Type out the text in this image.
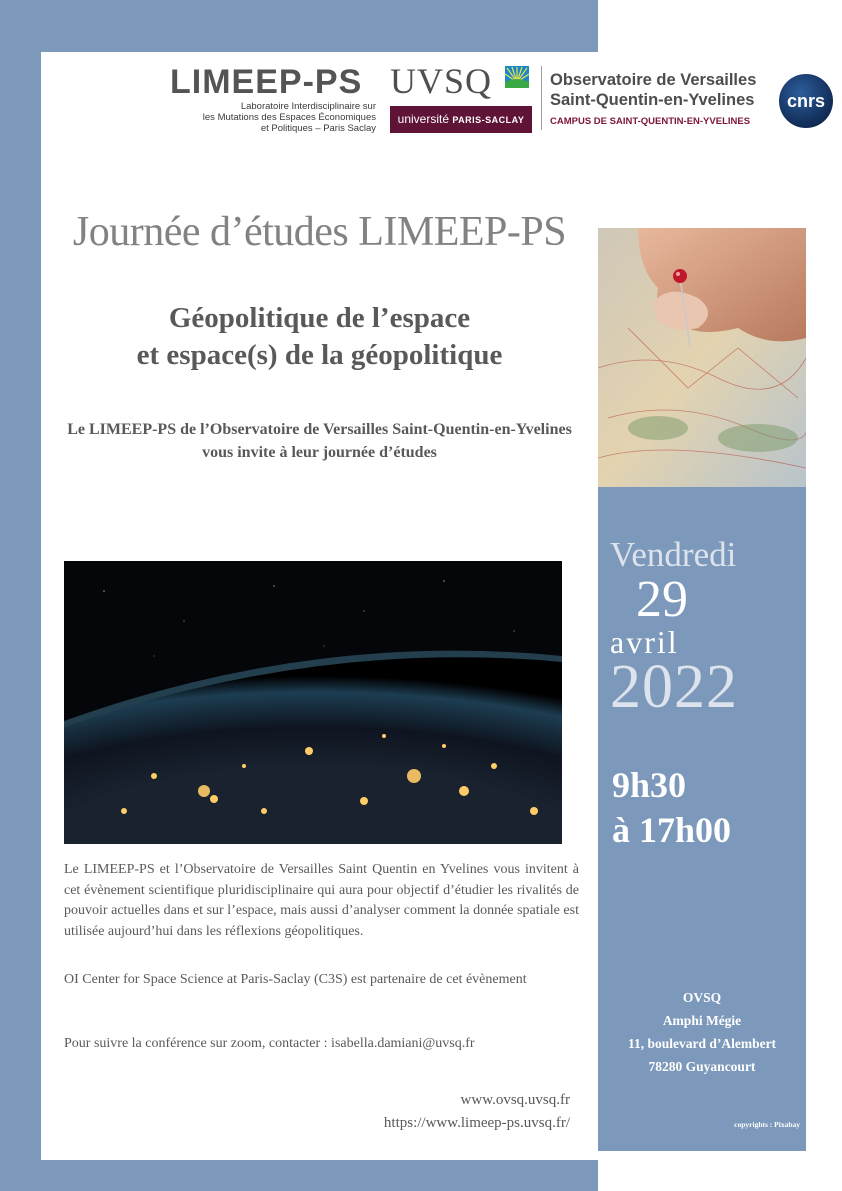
LIMEEP-PS
Laboratoire Interdisciplinaire sur
les Mutations des Espaces Économiques
et Politiques – Paris Saclay
UVSQ
université PARIS-SACLAY
Observatoire de Versailles
Saint-Quentin-en-Yvelines
CAMPUS DE SAINT-QUENTIN-EN-YVELINES
cnrs
Journée d’études LIMEEP-PS
Géopolitique de l’espace
et espace(s) de la géopolitique
Le LIMEEP-PS de l’Observatoire de Versailles Saint-Quentin-en-Yvelines vous invite à leur journée d’études
Le LIMEEP-PS et l’Observatoire de Versailles Saint Quentin en Yvelines vous invitent à cet évènement scientifique pluridisciplinaire qui aura pour objectif d’étudier les rivalités de pouvoir actuelles dans et sur l’espace, mais aussi d’analyser comment la donnée spatiale est utilisée aujourd’hui dans les réflexions géopolitiques.
OI Center for Space Science at Paris-Saclay (C3S) est partenaire de cet évènement
Pour suivre la conférence sur zoom, contacter : isabella.damiani@uvsq.fr
www.ovsq.uvsq.fr
https://www.limeep-ps.uvsq.fr/
Vendredi
29
avril
2022
9h30
à 17h00
OVSQ
Amphi Mégie
11, boulevard d’Alembert
78280 Guyancourt
copyrights : Pixabay
